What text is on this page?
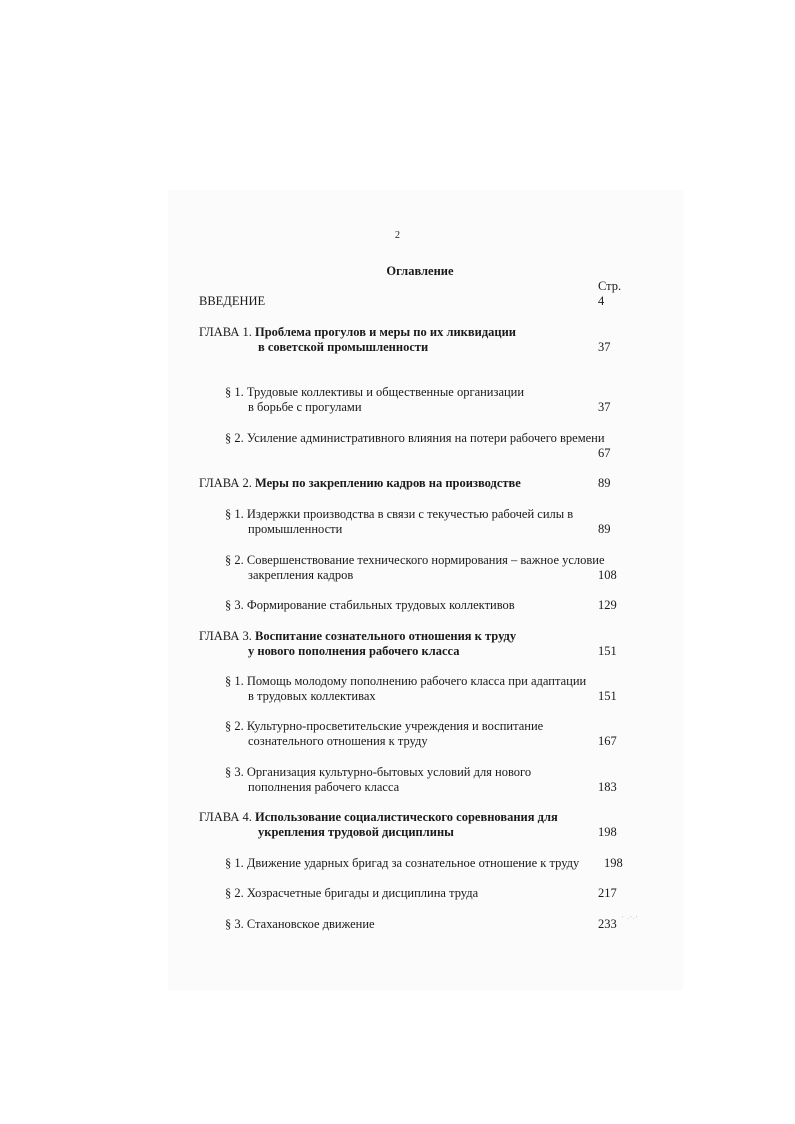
2
Оглавление
Стр.
ВВЕДЕНИЕ	4
ГЛАВА 1. Проблема прогулов и меры по их ликвидации
в советской промышленности	37
§ 1. Трудовые коллективы и общественные организации
в борьбе с прогулами	37
§ 2. Усиление административного влияния на потери рабочего времени
67
ГЛАВА 2. Меры по закреплению кадров на производстве	89
§ 1. Издержки производства в связи с текучестью рабочей силы в
промышленности	89
§ 2. Совершенствование технического нормирования – важное условие
закрепления кадров	108
§ 3. Формирование стабильных трудовых коллективов	129
ГЛАВА 3. Воспитание сознательного отношения к труду
у нового пополнения рабочего класса	151
§ 1. Помощь молодому пополнению рабочего класса при адаптации
в трудовых коллективах	151
§ 2. Культурно-просветительские учреждения и воспитание
сознательного отношения к труду	167
§ 3. Организация культурно-бытовых условий для нового
пополнения рабочего класса	183
ГЛАВА 4. Использование социалистического соревнования для
укрепления трудовой дисциплины	198
§ 1. Движение ударных бригад за сознательное отношение к труду 198
§ 2. Хозрасчетные бригады и дисциплина труда	217
§ 3. Стахановское движение	233 ' ·'·'
